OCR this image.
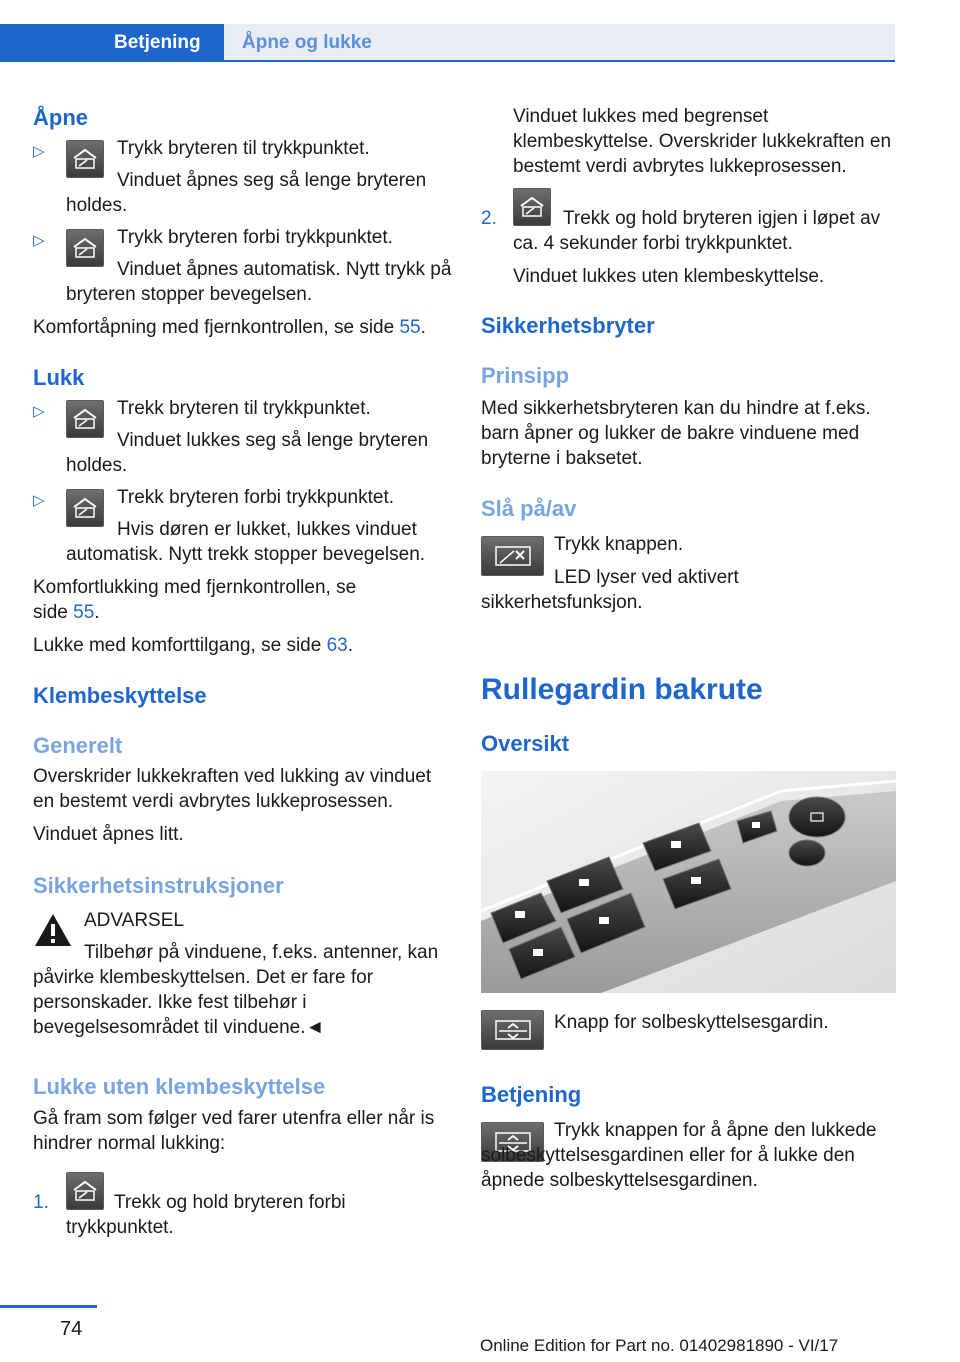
Betjening	Åpne og lukke
Åpne
▷	Trykk bryteren til trykkpunktet.

Vinduet åpnes seg så lenge bryteren holdes.

▷	Trykk bryteren forbi trykkpunktet.

Vinduet åpnes automatisk. Nytt trykk på bryteren stopper bevegelsen.

Komfortåpning med fjernkontrollen, se side 55.

Lukk
▷	Trekk bryteren til trykkpunktet.

Vinduet lukkes seg så lenge bryteren holdes.

▷	Trekk bryteren forbi trykkpunktet.

Hvis døren er lukket, lukkes vinduet automatisk. Nytt trekk stopper bevegelsen.

Komfortlukking med fjernkontrollen, se side 55.

Lukke med komforttilgang, se side 63.

Klembeskyttelse
Generelt

Overskrider lukkekraften ved lukking av vinduet en bestemt verdi avbrytes lukkeprosessen.

Vinduet åpnes litt.

Sikkerhetsinstruksjoner

ADVARSEL

Tilbehør på vinduene, f.eks. antenner, kan påvirke klembeskyttelsen. Det er fare for personskader. Ikke fest tilbehør i bevegelsesområdet til vinduene.◄

Lukke uten klembeskyttelse

Gå fram som følger ved farer utenfra eller når is hindrer normal lukking:

1.	Trekk og hold bryteren forbi trykkpunktet.

Vinduet lukkes med begrenset klembeskyttelse. Overskrider lukkekraften en bestemt verdi avbrytes lukkeprosessen.

2.	Trekk og hold bryteren igjen i løpet av ca. 4 sekunder forbi trykkpunktet.

Vinduet lukkes uten klembeskyttelse.

Sikkerhetsbryter
Prinsipp

Med sikkerhetsbryteren kan du hindre at f.eks. barn åpner og lukker de bakre vinduene med bryterne i baksetet.

Slå på/av

Trykk knappen.

LED lyser ved aktivert sikkerhetsfunksjon.

Rullegardin bakrute
Oversikt

Knapp for solbeskyttelsesgardin.

Betjening

Trykk knappen for å åpne den lukkede solbeskyttelsesgardinen eller for å lukke den åpnede solbeskyttelsesgardinen.

74
Online Edition for Part no. 01402981890 - VI/17
